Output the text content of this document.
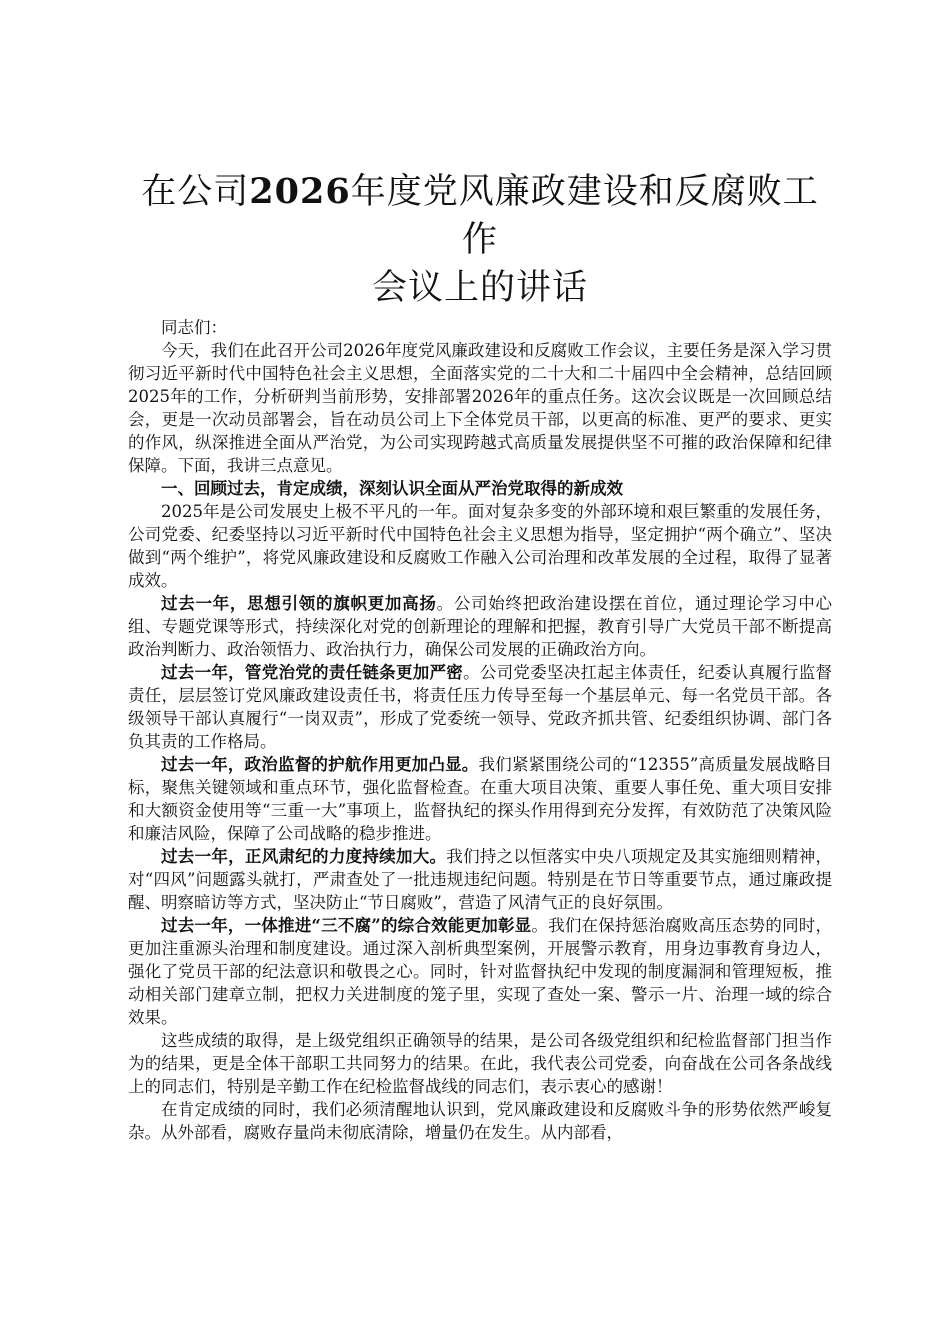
在公司2026年度党风廉政建设和反腐败工作
会议上的讲话

同志们：

今天，我们在此召开公司2026年度党风廉政建设和反腐败工作会议，主要任务是深入学习贯彻习近平新时代中国特色社会主义思想，全面落实党的二十大和二十届四中全会精神，总结回顾2025年的工作，分析研判当前形势，安排部署2026年的重点任务。这次会议既是一次回顾总结会，更是一次动员部署会，旨在动员公司上下全体党员干部，以更高的标准、更严的要求、更实的作风，纵深推进全面从严治党，为公司实现跨越式高质量发展提供坚不可摧的政治保障和纪律保障。下面，我讲三点意见。

一、回顾过去，肯定成绩，深刻认识全面从严治党取得的新成效

2025年是公司发展史上极不平凡的一年。面对复杂多变的外部环境和艰巨繁重的发展任务，公司党委、纪委坚持以习近平新时代中国特色社会主义思想为指导，坚定拥护“两个确立”、坚决做到“两个维护”，将党风廉政建设和反腐败工作融入公司治理和改革发展的全过程，取得了显著成效。

过去一年，思想引领的旗帜更加高扬。公司始终把政治建设摆在首位，通过理论学习中心组、专题党课等形式，持续深化对党的创新理论的理解和把握，教育引导广大党员干部不断提高政治判断力、政治领悟力、政治执行力，确保公司发展的正确政治方向。

过去一年，管党治党的责任链条更加严密。公司党委坚决扛起主体责任，纪委认真履行监督责任，层层签订党风廉政建设责任书，将责任压力传导至每一个基层单元、每一名党员干部。各级领导干部认真履行“一岗双责”，形成了党委统一领导、党政齐抓共管、纪委组织协调、部门各负其责的工作格局。

过去一年，政治监督的护航作用更加凸显。我们紧紧围绕公司的“12355”高质量发展战略目标，聚焦关键领域和重点环节，强化监督检查。在重大项目决策、重要人事任免、重大项目安排和大额资金使用等“三重一大”事项上，监督执纪的探头作用得到充分发挥，有效防范了决策风险和廉洁风险，保障了公司战略的稳步推进。

过去一年，正风肃纪的力度持续加大。我们持之以恒落实中央八项规定及其实施细则精神，对“四风”问题露头就打，严肃查处了一批违规违纪问题。特别是在节日等重要节点，通过廉政提醒、明察暗访等方式，坚决防止“节日腐败”，营造了风清气正的良好氛围。

过去一年，一体推进“三不腐”的综合效能更加彰显。我们在保持惩治腐败高压态势的同时，更加注重源头治理和制度建设。通过深入剖析典型案例，开展警示教育，用身边事教育身边人，强化了党员干部的纪法意识和敬畏之心。同时，针对监督执纪中发现的制度漏洞和管理短板，推动相关部门建章立制，把权力关进制度的笼子里，实现了查处一案、警示一片、治理一域的综合效果。

这些成绩的取得，是上级党组织正确领导的结果，是公司各级党组织和纪检监督部门担当作为的结果，更是全体干部职工共同努力的结果。在此，我代表公司党委，向奋战在公司各条战线上的同志们，特别是辛勤工作在纪检监督战线的同志们，表示衷心的感谢！

在肯定成绩的同时，我们必须清醒地认识到，党风廉政建设和反腐败斗争的形势依然严峻复杂。从外部看，腐败存量尚未彻底清除，增量仍在发生。从内部看，
